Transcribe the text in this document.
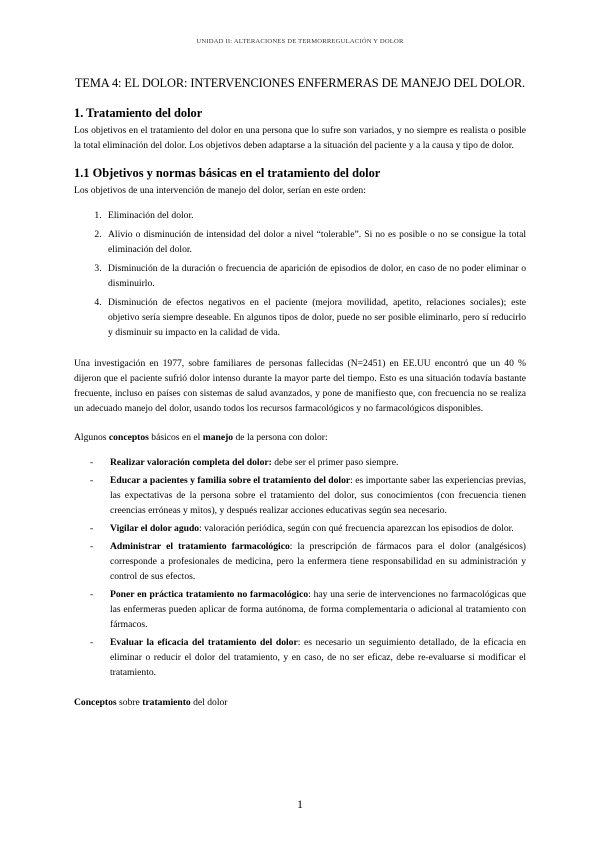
UNIDAD II: ALTERACIONES DE TERMORREGULACIÓN Y DOLOR
TEMA 4: EL DOLOR: INTERVENCIONES ENFERMERAS DE MANEJO DEL DOLOR.
1. Tratamiento del dolor

Los objetivos en el tratamiento del dolor en una persona que lo sufre son variados, y no siempre es realista o posible la total eliminación del dolor. Los objetivos deben adaptarse a la situación del paciente y a la causa y tipo de dolor.

1.1 Objetivos y normas básicas en el tratamiento del dolor

Los objetivos de una intervención de manejo del dolor, serían en este orden:

1. Eliminación del dolor.
2. Alivio o disminución de intensidad del dolor a nivel “tolerable”. Si no es posible o no se consigue la total eliminación del dolor.
3. Disminución de la duración o frecuencia de aparición de episodios de dolor, en caso de no poder eliminar o disminuirlo.
4. Disminución de efectos negativos en el paciente (mejora movilidad, apetito, relaciones sociales); este objetivo sería siempre deseable. En algunos tipos de dolor, puede no ser posible eliminarlo, pero sí reducirlo y disminuir su impacto en la calidad de vida.

Una investigación en 1977, sobre familiares de personas fallecidas (N=2451) en EE.UU encontró que un 40 % dijeron que el paciente sufrió dolor intenso durante la mayor parte del tiempo. Esto es una situación todavía bastante frecuente, incluso en países con sistemas de salud avanzados, y pone de manifiesto que, con frecuencia no se realiza un adecuado manejo del dolor, usando todos los recursos farmacológicos y no farmacológicos disponibles.

Algunos conceptos básicos en el manejo de la persona con dolor:

- Realizar valoración completa del dolor: debe ser el primer paso siempre.
- Educar a pacientes y familia sobre el tratamiento del dolor: es importante saber las experiencias previas, las expectativas de la persona sobre el tratamiento del dolor, sus conocimientos (con frecuencia tienen creencias erróneas y mitos), y después realizar acciones educativas según sea necesario.
- Vigilar el dolor agudo: valoración periódica, según con qué frecuencia aparezcan los episodios de dolor.
- Administrar el tratamiento farmacológico: la prescripción de fármacos para el dolor (analgésicos) corresponde a profesionales de medicina, pero la enfermera tiene responsabilidad en su administración y control de sus efectos.
- Poner en práctica tratamiento no farmacológico: hay una serie de intervenciones no farmacológicas que las enfermeras pueden aplicar de forma autónoma, de forma complementaria o adicional al tratamiento con fármacos.
- Evaluar la eficacia del tratamiento del dolor: es necesario un seguimiento detallado, de la eficacia en eliminar o reducir el dolor del tratamiento, y en caso, de no ser eficaz, debe re-evaluarse si modificar el tratamiento.

Conceptos sobre tratamiento del dolor

1
